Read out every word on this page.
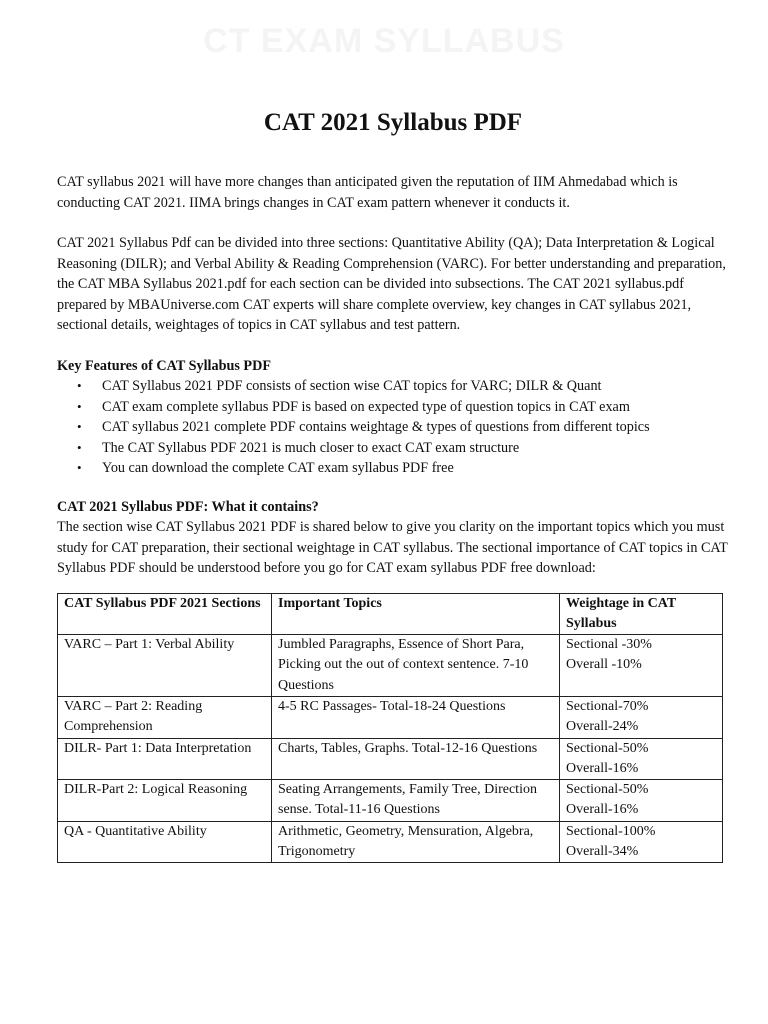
CT EXAM SYLLABUS
CAT 2021 Syllabus PDF

CAT syllabus 2021 will have more changes than anticipated given the reputation of IIM Ahmedabad which is conducting CAT 2021. IIMA brings changes in CAT exam pattern whenever it conducts it.

CAT 2021 Syllabus Pdf can be divided into three sections: Quantitative Ability (QA); Data Interpretation & Logical Reasoning (DILR); and Verbal Ability & Reading Comprehension (VARC). For better understanding and preparation, the CAT MBA Syllabus 2021.pdf for each section can be divided into subsections. The CAT 2021 syllabus.pdf prepared by MBAUniverse.com CAT experts will share complete overview, key changes in CAT syllabus 2021, sectional details, weightages of topics in CAT syllabus and test pattern.

Key Features of CAT Syllabus PDF

• CAT Syllabus 2021 PDF consists of section wise CAT topics for VARC; DILR & Quant
• CAT exam complete syllabus PDF is based on expected type of question topics in CAT exam
• CAT syllabus 2021 complete PDF contains weightage & types of questions from different topics
• The CAT Syllabus PDF 2021 is much closer to exact CAT exam structure
• You can download the complete CAT exam syllabus PDF free

CAT 2021 Syllabus PDF: What it contains?

The section wise CAT Syllabus 2021 PDF is shared below to give you clarity on the important topics which you must study for CAT preparation, their sectional weightage in CAT syllabus. The sectional importance of CAT topics in CAT Syllabus PDF should be understood before you go for CAT exam syllabus PDF free download:

CAT Syllabus PDF 2021 Sections	Important Topics	Weightage in CAT Syllabus
VARC – Part 1: Verbal Ability	Jumbled Paragraphs, Essence of Short Para, Picking out the out of context sentence. 7-10 Questions	Sectional -30%
Overall -10%

VARC – Part 2: Reading Comprehension	4-5 RC Passages- Total-18-24 Questions	Sectional-70%
Overall-24%

DILR- Part 1: Data Interpretation	Charts, Tables, Graphs. Total-12-16 Questions	Sectional-50%
Overall-16%

DILR-Part 2: Logical Reasoning	Seating Arrangements, Family Tree, Direction sense. Total-11-16 Questions	Sectional-50%
Overall-16%

QA - Quantitative Ability	Arithmetic, Geometry, Mensuration, Algebra, Trigonometry	Sectional-100%
Overall-34%
